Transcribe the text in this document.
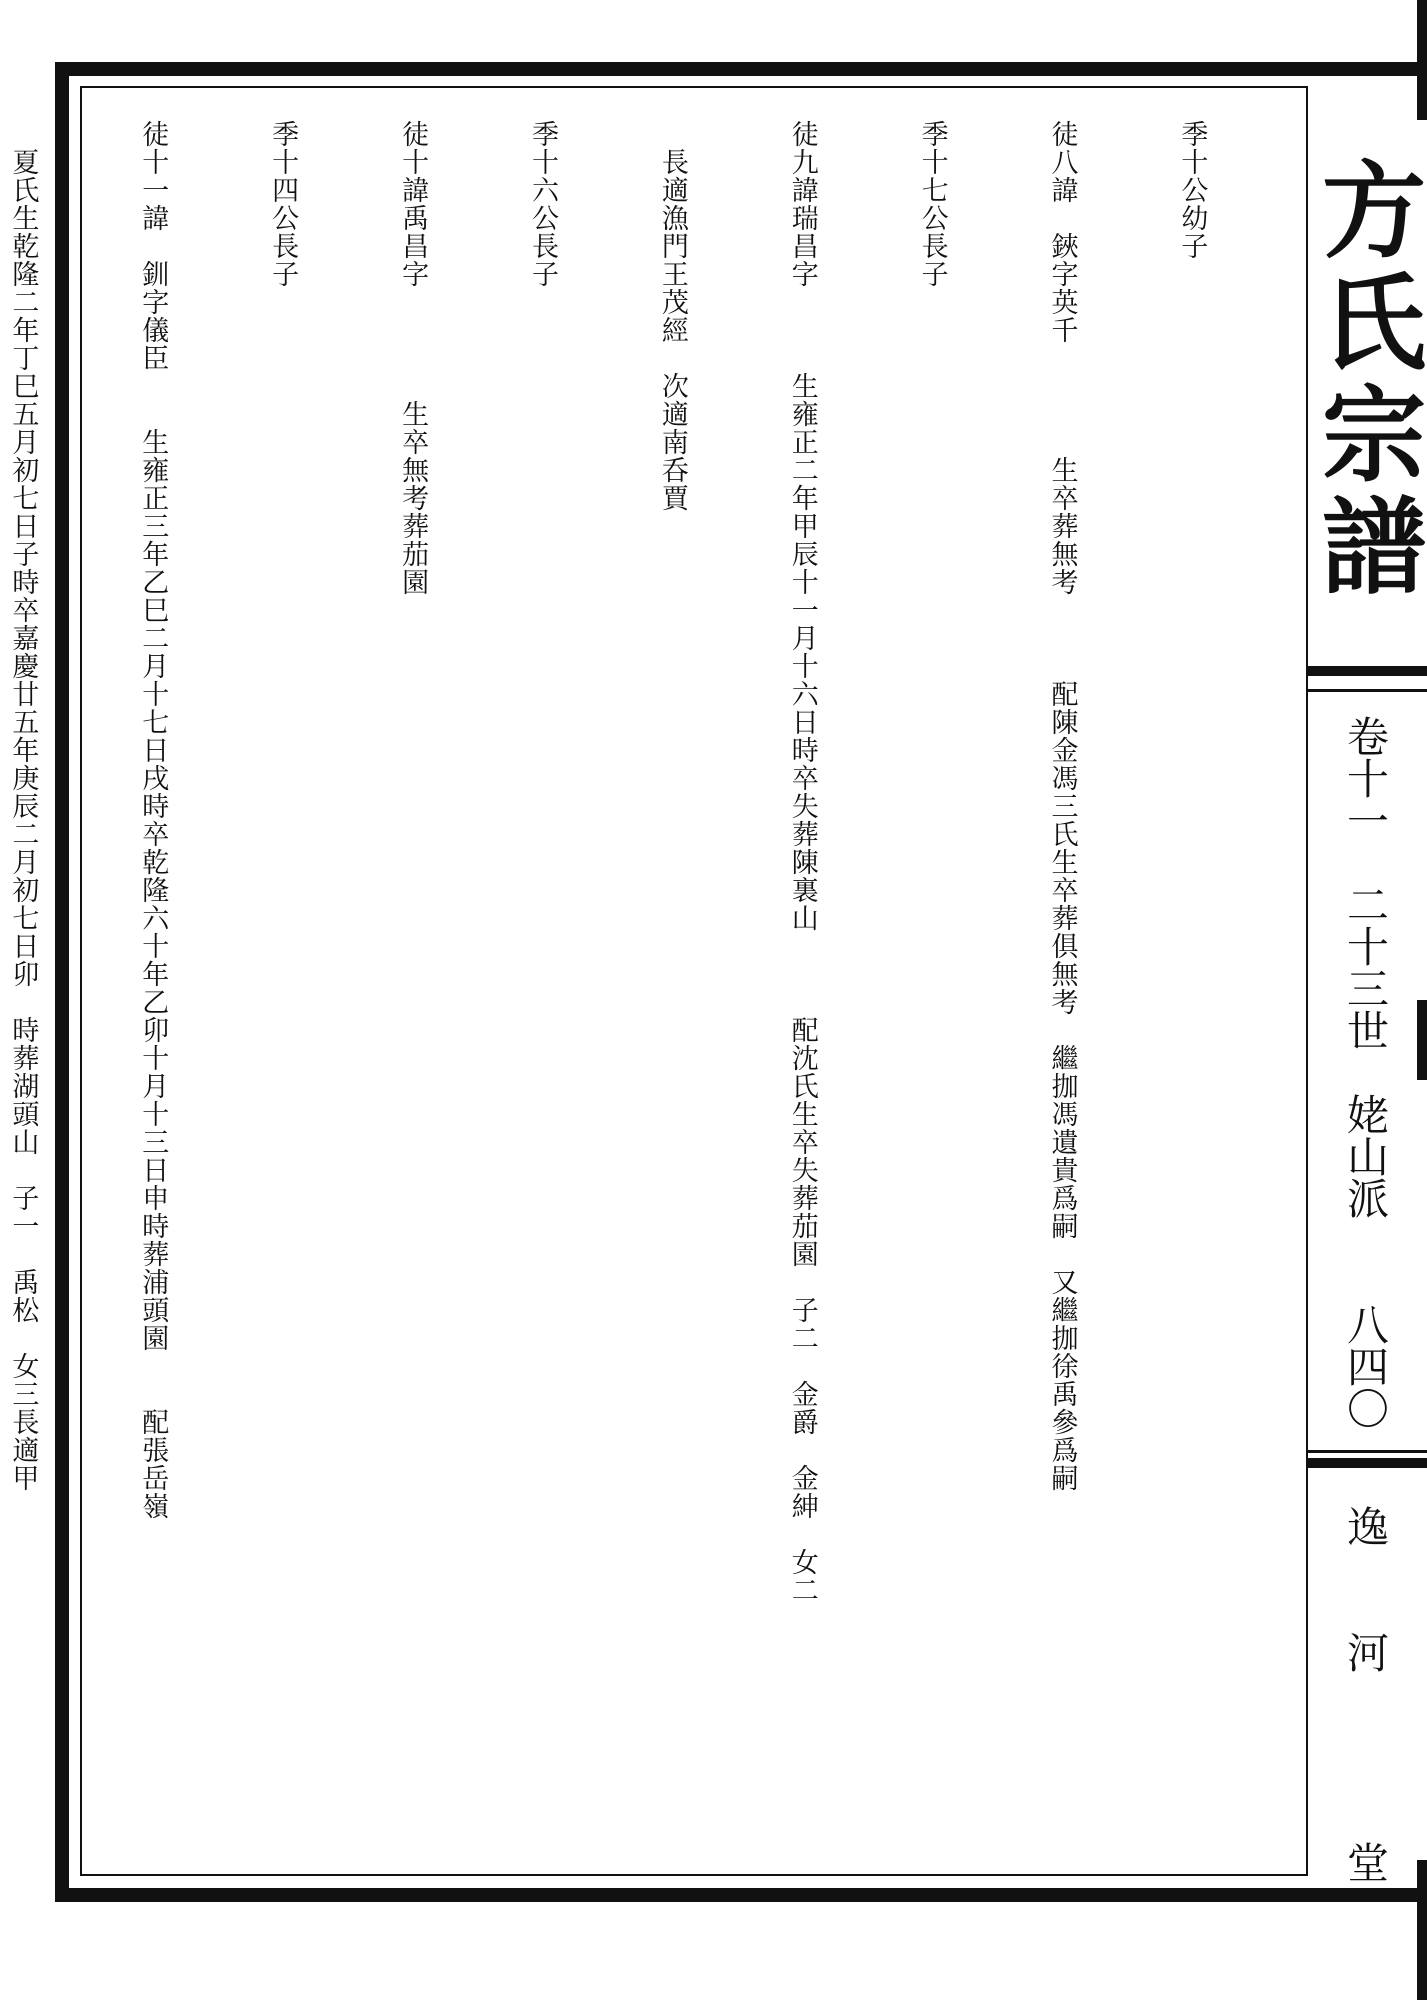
季十公幼子

徒八諱　鋏字英千　　　　生卒葬無考　　　配陳金馮三氏生卒葬俱無考　繼拁馮遺貴爲嗣　又繼拁徐禹參爲嗣

季十七公長子

徒九諱瑞昌字　　　生雍正二年甲辰十一月十六日時卒失葬陳裏山　　　配沈氏生卒失葬茄園　子二　金爵　金紳　女二

　長適漁門王茂經　次適南呑賈

季十六公長子

徒十諱禹昌字　　　　生卒無考葬茄園

季十四公長子

徒十一諱　釧字儀臣　　生雍正三年乙巳二月十七日戌時卒乾隆六十年乙卯十月十三日申時葬浦頭園　　配張岳嶺

　夏氏生乾隆二年丁巳五月初七日子時卒嘉慶廿五年庚辰二月初七日卯　時葬湖頭山　子一　禹松　女三長適甲

	方氏宗譜
卷十一　二十三世　姥山派　　八四〇
逸　　河　　　　堂
